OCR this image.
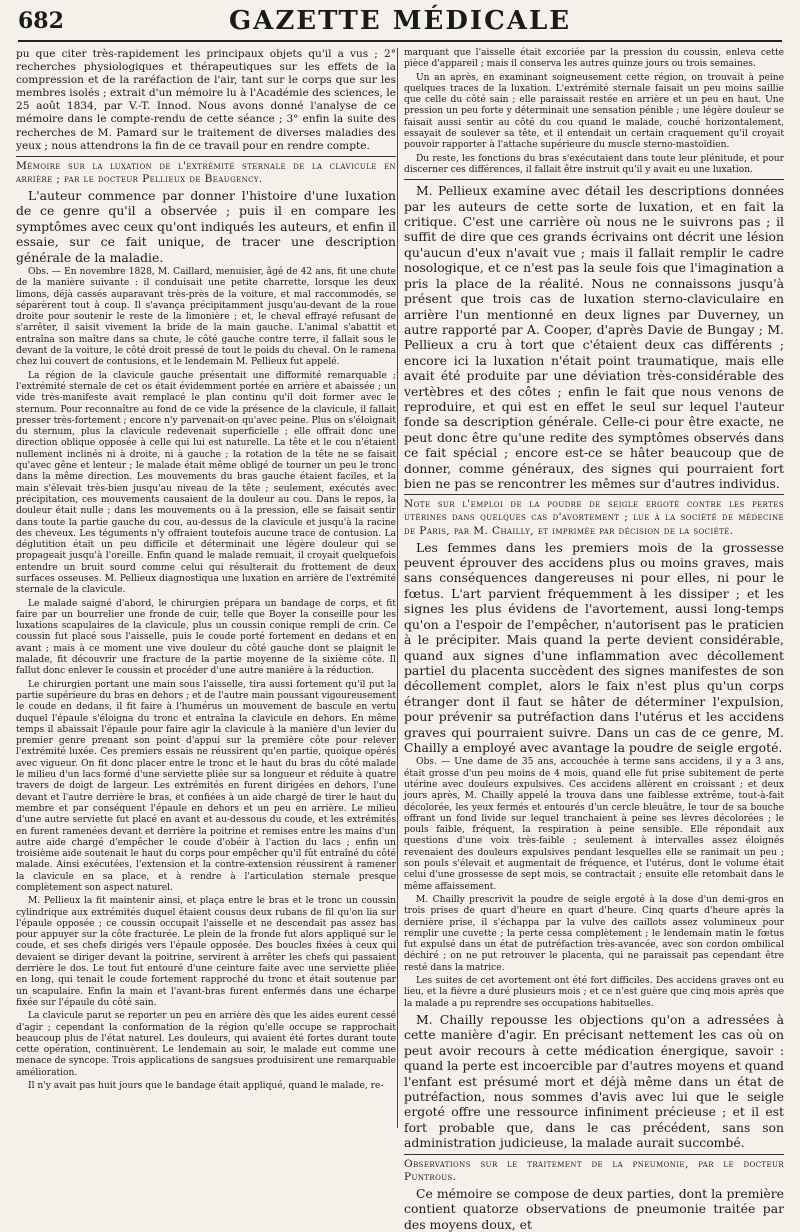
682	GAZETTE MÉDICALE

pu que citer très-rapidement les principaux objets qu'il a vus ; 2° recherches physiologiques et thérapeutiques sur les effets de la compression et de la raréfaction de l'air, tant sur le corps que sur les membres isolés ; extrait d'un mémoire lu à l'Académie des sciences, le 25 août 1834, par V.-T. Innod. Nous avons donné l'analyse de ce mémoire dans le compte-rendu de cette séance ; 3° enfin la suite des recherches de M. Pamard sur le traitement de diverses maladies des yeux ; nous attendrons la fin de ce travail pour en rendre compte.

Mémoire sur la luxation de l'extrémité sternale de la clavicule en arrière ; par le docteur Pellieux de Beaugency.

L'auteur commence par donner l'histoire d'une luxation de ce genre qu'il a observée ; puis il en compare les symptômes avec ceux qu'ont indiqués les auteurs, et enfin il essaie, sur ce fait unique, de tracer une description générale de la maladie.

Obs. — En novembre 1828, M. Caillard, menuisier, âgé de 42 ans, fit une chute de la manière suivante : il conduisait une petite charrette, lorsque les deux limons, déjà cassés auparavant très-près de la voiture, et mal raccommodés, se séparèrent tout à coup. Il s'avança précipitamment jusqu'au-devant de la roue droite pour soutenir le reste de la limonière ; et, le cheval effrayé refusant de s'arrêter, il saisit vivement la bride de la main gauche. L'animal s'abattit et entraîna son maître dans sa chute, le côté gauche contre terre, il fallait sous le devant de la voiture, le côté droit pressé de tout le poids du cheval. On le ramena chez lui couvert de contusions, et le lendemain M. Pellieux fut appelé.

La région de la clavicule gauche présentait une difformité remarquable ; l'extrémité sternale de cet os était évidemment portée en arrière et abaissée ; un vide très-manifeste avait remplacé le plan continu qu'il doit former avec le sternum. Pour reconnaître au fond de ce vide la présence de la clavicule, il fallait presser très-fortement ; encore n'y parvenait-on qu'avec peine. Plus on s'éloignait du sternum, plus la clavicule redevenait superficielle ; elle offrait donc une direction oblique opposée à celle qui lui est naturelle. La tête et le cou n'étaient nullement inclinés ni à droite, ni à gauche ; la rotation de la tête ne se faisait qu'avec gêne et lenteur ; le malade était même obligé de tourner un peu le tronc dans la même direction. Les mouvements du bras gauche étaient faciles, et la main s'élevait très-bien jusqu'au niveau de la tête ; seulement, exécutés avec précipitation, ces mouvements causaient de la douleur au cou. Dans le repos, la douleur était nulle ; dans les mouvements ou à la pression, elle se faisait sentir dans toute la partie gauche du cou, au-dessus de la clavicule et jusqu'à la racine des cheveux. Les téguments n'y offraient toutefois aucune trace de contusion. La déglutition était un peu difficile et déterminait une légère douleur qui se propageait jusqu'à l'oreille. Enfin quand le malade remuait, il croyait quelquefois entendre un bruit sourd comme celui qui résulterait du frottement de deux surfaces osseuses. M. Pellieux diagnostiqua une luxation en arrière de l'extrémité sternale de la clavicule.

Le malade saigné d'abord, le chirurgien prépara un bandage de corps, et fit faire par un bourrelier une fronde de cuir, telle que Boyer la conseille pour les luxations scapulaires de la clavicule, plus un coussin conique rempli de crin. Ce coussin fut placé sous l'aisselle, puis le coude porté fortement en dedans et en avant ; mais à ce moment une vive douleur du côté gauche dont se plaignit le malade, fit découvrir une fracture de la partie moyenne de la sixième côte. Il fallut donc enlever le coussin et procéder d'une autre manière à la réduction.

Le chirurgien portant une main sous l'aisselle, tira aussi fortement qu'il put la partie supérieure du bras en dehors ; et de l'autre main poussant vigoureusement le coude en dedans, il fit faire à l'humérus un mouvement de bascule en vertu duquel l'épaule s'éloigna du tronc et entraîna la clavicule en dehors. En même temps il abaissait l'épaule pour faire agir la clavicule à la manière d'un levier du premier genre prenant son point d'appui sur la première côte pour relever l'extrémité luxée. Ces premiers essais ne réussirent qu'en partie, quoique opérés avec vigueur. On fit donc placer entre le tronc et le haut du bras du côté malade le milieu d'un lacs formé d'une serviette pliée sur sa longueur et réduite à quatre travers de doigt de largeur. Les extrémités en furent dirigées en dehors, l'une devant et l'autre derrière le bras, et confiées à un aide chargé de tirer le haut du membre et par conséquent l'épaule en dehors et un peu en arrière. Le milieu d'une autre serviette fut placé en avant et au-dessous du coude, et les extrémités en furent ramenées devant et derrière la poitrine et remises entre les mains d'un autre aide chargé d'empêcher le coude d'obéir à l'action du lacs ; enfin un troisième aide soutenait le haut du corps pour empêcher qu'il fût entraîné du côté malade. Ainsi exécutées, l'extension et la contre-extension réussirent à ramener la clavicule en sa place, et à rendre à l'articulation sternale presque complètement son aspect naturel.

M. Pellieux la fit maintenir ainsi, et plaça entre le bras et le tronc un coussin cylindrique aux extrémités duquel étaient cousus deux rubans de fil qu'on lia sur l'épaule opposée ; ce coussin occupait l'aisselle et ne descendait pas assez bas pour appuyer sur la côte fracturée. Le plein de la fronde fut alors appliqué sur le coude, et ses chefs dirigés vers l'épaule opposée. Des boucles fixées à ceux qui devaient se diriger devant la poitrine, servirent à arrêter les chefs qui passaient derrière le dos. Le tout fut entouré d'une ceinture faite avec une serviette pliée en long, qui tenait le coude fortement rapproché du tronc et était soutenue par un scapulaire. Enfin la main et l'avant-bras furent enfermés dans une écharpe fixée sur l'épaule du côté sain.

La clavicule parut se reporter un peu en arrière dès que les aides eurent cessé d'agir ; cependant la conformation de la région qu'elle occupe se rapprochait beaucoup plus de l'état naturel. Les douleurs, qui avaient été fortes durant toute cette opération, continuèrent. Le lendemain au soir, le malade eut comme une menace de syncope. Trois applications de sangsues produisirent une remarquable amélioration.

Il n'y avait pas huit jours que le bandage était appliqué, quand le malade, re-

marquant que l'aisselle était excoriée par la pression du coussin, enleva cette pièce d'appareil ; mais il conserva les autres quinze jours ou trois semaines.

Un an après, en examinant soigneusement cette région, on trouvait à peine quelques traces de la luxation. L'extrémité sternale faisait un peu moins saillie que celle du côté sain ; elle paraissait restée en arrière et un peu en haut. Une pression un peu forte y déterminait une sensation pénible ; une légère douleur se faisait aussi sentir au côté du cou quand le malade, couché horizontalement, essayait de soulever sa tête, et il entendait un certain craquement qu'il croyait pouvoir rapporter à l'attache supérieure du muscle sterno-mastoïdien.

Du reste, les fonctions du bras s'exécutaient dans toute leur plénitude, et pour discerner ces différences, il fallait être instruit qu'il y avait eu une luxation.

M. Pellieux examine avec détail les descriptions données par les auteurs de cette sorte de luxation, et en fait la critique. C'est une carrière où nous ne le suivrons pas ; il suffit de dire que ces grands écrivains ont décrit une lésion qu'aucun d'eux n'avait vue ; mais il fallait remplir le cadre nosologique, et ce n'est pas la seule fois que l'imagination a pris la place de la réalité. Nous ne connaissons jusqu'à présent que trois cas de luxation sterno-claviculaire en arrière l'un mentionné en deux lignes par Duverney, un autre rapporté par A. Cooper, d'après Davie de Bungay ; M. Pellieux a cru à tort que c'étaient deux cas différents ; encore ici la luxation n'était point traumatique, mais elle avait été produite par une déviation très-considérable des vertèbres et des côtes ; enfin le fait que nous venons de reproduire, et qui est en effet le seul sur lequel l'auteur fonde sa description générale. Celle-ci pour être exacte, ne peut donc être qu'une redite des symptômes observés dans ce fait spécial ; encore est-ce se hâter beaucoup que de donner, comme généraux, des signes qui pourraient fort bien ne pas se rencontrer les mêmes sur d'autres individus.

Note sur l'emploi de la poudre de seigle ergoté contre les pertes utérines dans quelques cas d'avortement ; lue à la société de médecine de Paris, par M. Chailly, et imprimée par décision de la société.

Les femmes dans les premiers mois de la grossesse peuvent éprouver des accidens plus ou moins graves, mais sans conséquences dangereuses ni pour elles, ni pour le fœtus. L'art parvient fréquemment à les dissiper ; et les signes les plus évidens de l'avortement, aussi long-temps qu'on a l'espoir de l'empêcher, n'autorisent pas le praticien à le précipiter. Mais quand la perte devient considérable, quand aux signes d'une inflammation avec décollement partiel du placenta succèdent des signes manifestes de son décollement complet, alors le faix n'est plus qu'un corps étranger dont il faut se hâter de déterminer l'expulsion, pour prévenir sa putréfaction dans l'utérus et les accidens graves qui pourraient suivre. Dans un cas de ce genre, M. Chailly a employé avec avantage la poudre de seigle ergoté.

Obs. — Une dame de 35 ans, accouchée à terme sans accidens, il y a 3 ans, était grosse d'un peu moins de 4 mois, quand elle fut prise subitement de perte utérine avec douleurs expulsives. Ces accidens allèrent en croissant ; et deux jours après, M. Chailly appelé la trouva dans une faiblesse extrême, tout-à-fait décolorée, les yeux fermés et entourés d'un cercle bleuâtre, le tour de sa bouche offrant un fond livide sur lequel tranchaient à peine ses lèvres décolorées ; le pouls faible, fréquent, la respiration à peine sensible. Elle répondait aux questions d'une voix très-faible ; seulement à intervalles assez éloignés revenaient des douleurs expulsives pendant lesquelles elle se ranimait un peu ; son pouls s'élevait et augmentait de fréquence, et l'utérus, dont le volume était celui d'une grossesse de sept mois, se contractait ; ensuite elle retombait dans le même affaissement.

M. Chailly prescrivit la poudre de seigle ergoté à la dose d'un demi-gros en trois prises de quart d'heure en quart d'heure. Cinq quarts d'heure après la dernière prise, il s'échappa par la vulve des caillots assez volumineux pour remplir une cuvette ; la perte cessa complètement ; le lendemain matin le fœtus fut expulsé dans un état de putréfaction très-avancée, avec son cordon ombilical déchiré ; on ne put retrouver le placenta, qui ne paraissait pas cependant être resté dans la matrice.

Les suites de cet avortement ont été fort difficiles. Des accidens graves ont eu lieu, et la fièvre a duré plusieurs mois ; et ce n'est guère que cinq mois après que la malade a pu reprendre ses occupations habituelles.

M. Chailly repousse les objections qu'on a adressées à cette manière d'agir. En précisant nettement les cas où on peut avoir recours à cette médication énergique, savoir : quand la perte est incoercible par d'autres moyens et quand l'enfant est présumé mort et déjà même dans un état de putréfaction, nous sommes d'avis avec lui que le seigle ergoté offre une ressource infiniment précieuse ; et il est fort probable que, dans le cas précédent, sans son administration judicieuse, la malade aurait succombé.

Observations sur le traitement de la pneumonie, par le docteur Puntrous.

Ce mémoire se compose de deux parties, dont la première contient quatorze observations de pneumonie traitée par des moyens doux, et
